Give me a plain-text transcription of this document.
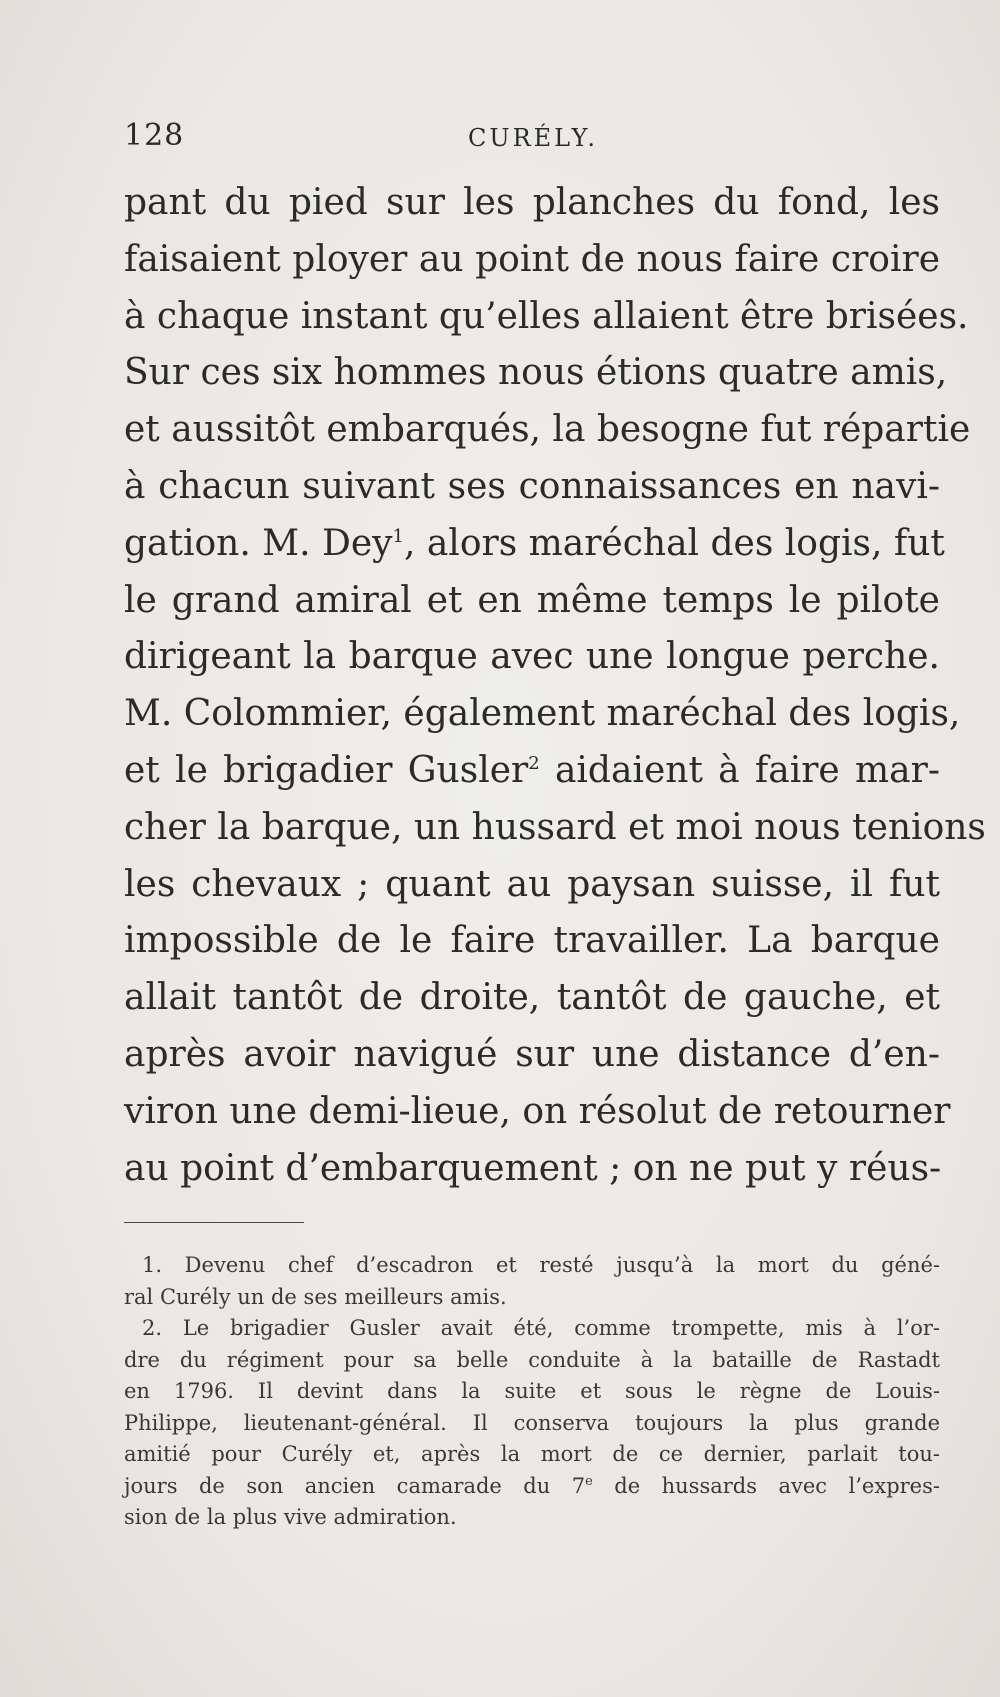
128	CURÉLY.
pant du pied sur les planches du fond, les
faisaient ployer au point de nous faire croire
à chaque instant qu’elles allaient être brisées.
Sur ces six hommes nous étions quatre amis,
et aussitôt embarqués, la besogne fut répartie
à chacun suivant ses connaissances en navi-
gation. M. Dey$^1$, alors maréchal des logis, fut
le grand amiral et en même temps le pilote
dirigeant la barque avec une longue perche.
M. Colommier, également maréchal des logis,
et le brigadier Gusler$^2$ aidaient à faire mar-
cher la barque, un hussard et moi nous tenions
les chevaux ; quant au paysan suisse, il fut
impossible de le faire travailler. La barque
allait tantôt de droite, tantôt de gauche, et
après avoir navigué sur une distance d’en-
viron une demi-lieue, on résolut de retourner
au point d’embarquement ; on ne put y réus-
1. Devenu chef d’escadron et resté jusqu’à la mort du géné-
ral Curély un de ses meilleurs amis.
2. Le brigadier Gusler avait été, comme trompette, mis à l’or-
dre du régiment pour sa belle conduite à la bataille de Rastadt
en 1796. Il devint dans la suite et sous le règne de Louis-
Philippe, lieutenant-général. Il conserva toujours la plus grande
amitié pour Curély et, après la mort de ce dernier, parlait tou-
jours de son ancien camarade du 7e de hussards avec l’expres-
sion de la plus vive admiration.
